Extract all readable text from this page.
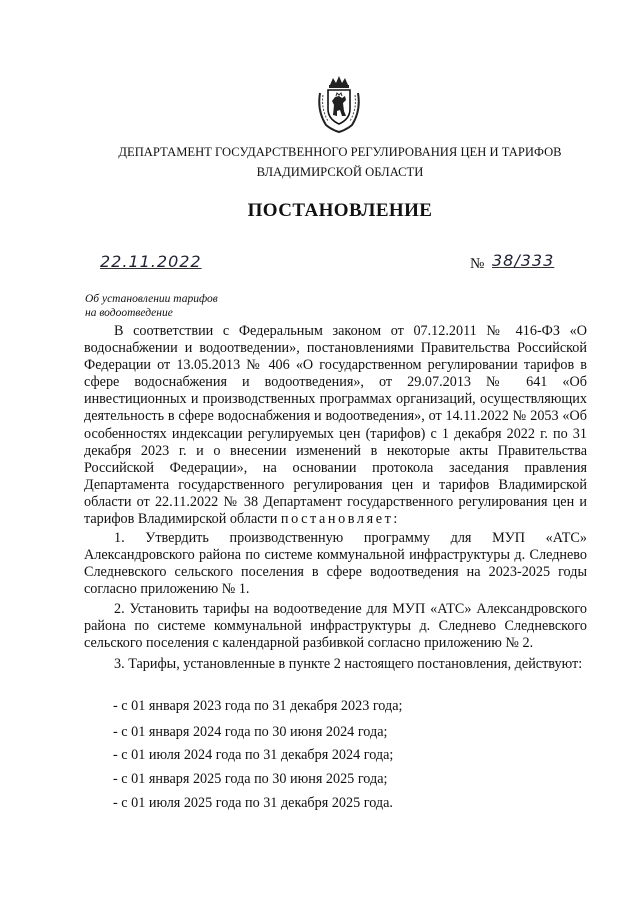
ДЕПАРТАМЕНТ ГОСУДАРСТВЕННОГО РЕГУЛИРОВАНИЯ ЦЕН И ТАРИФОВ
ВЛАДИМИРСКОЙ ОБЛАСТИ
ПОСТАНОВЛЕНИЕ
22.11.2022	№ 38/333
Об установлении тарифов
на водоотведение
В соответствии с Федеральным законом от 07.12.2011 № 416-ФЗ «О водоснабжении и водоотведении», постановлениями Правительства Российской Федерации от 13.05.2013 № 406 «О государственном регулировании тарифов в сфере водоснабжения и водоотведения», от 29.07.2013 № 641 «Об инвестиционных и производственных программах организаций, осуществляющих деятельность в сфере водоснабжения и водоотведения», от 14.11.2022 № 2053 «Об особенностях индексации регулируемых цен (тарифов) с 1 декабря 2022 г. по 31 декабря 2023 г. и о внесении изменений в некоторые акты Правительства Российской Федерации», на основании протокола заседания правления Департамента государственного регулирования цен и тарифов Владимирской области от 22.11.2022 № 38 Департамент государственного регулирования цен и тарифов Владимирской области постановляет:
1. Утвердить производственную программу для МУП «АТС» Александровского района по системе коммунальной инфраструктуры д. Следнево Следневского сельского поселения в сфере водоотведения на 2023-2025 годы согласно приложению № 1.
2. Установить тарифы на водоотведение для МУП «АТС» Александровского района по системе коммунальной инфраструктуры д. Следнево Следневского сельского поселения с календарной разбивкой согласно приложению № 2.
3. Тарифы, установленные в пункте 2 настоящего постановления, действуют:
- с 01 января 2023 года по 31 декабря 2023 года;
- с 01 января 2024 года по 30 июня 2024 года;
- с 01 июля 2024 года по 31 декабря 2024 года;
- с 01 января 2025 года по 30 июня 2025 года;
- с 01 июля 2025 года по 31 декабря 2025 года.
